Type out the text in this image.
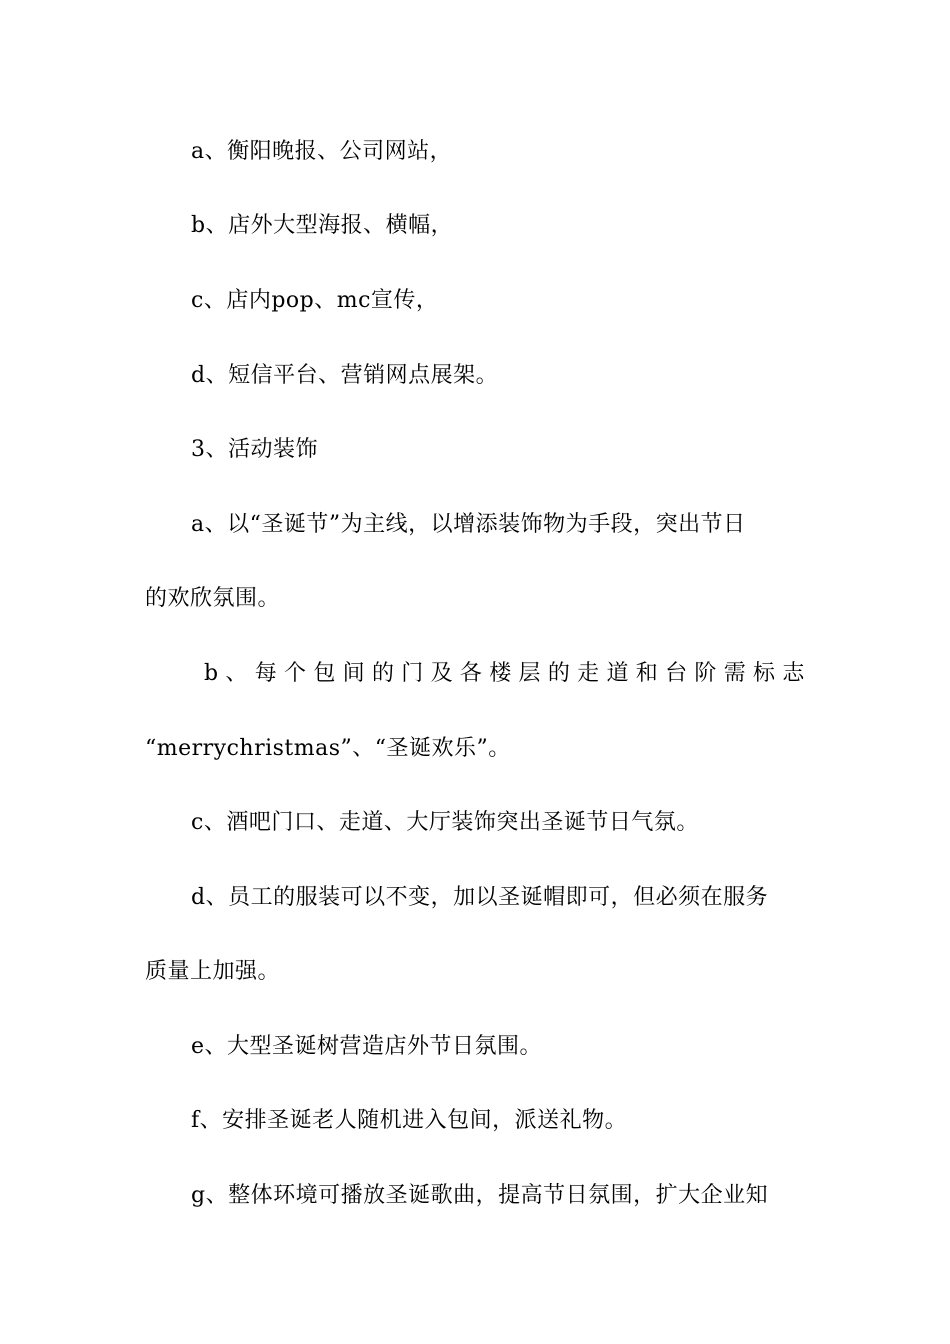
a、衡阳晚报、公司网站，
b、店外大型海报、横幅，
c、店内pop、mc宣传，
d、短信平台、营销网点展架。
3、活动装饰
a、以“圣诞节”为主线，以增添装饰物为手段，突出节日
的欢欣氛围。
b 、 每 个 包 间 的 门 及 各 楼 层 的 走 道 和 台 阶 需 标 志
“merrychristmas”、“圣诞欢乐”。
c、酒吧门口、走道、大厅装饰突出圣诞节日气氛。
d、员工的服装可以不变，加以圣诞帽即可，但必须在服务
质量上加强。
e、大型圣诞树营造店外节日氛围。
f、安排圣诞老人随机进入包间，派送礼物。
g、整体环境可播放圣诞歌曲，提高节日氛围，扩大企业知
